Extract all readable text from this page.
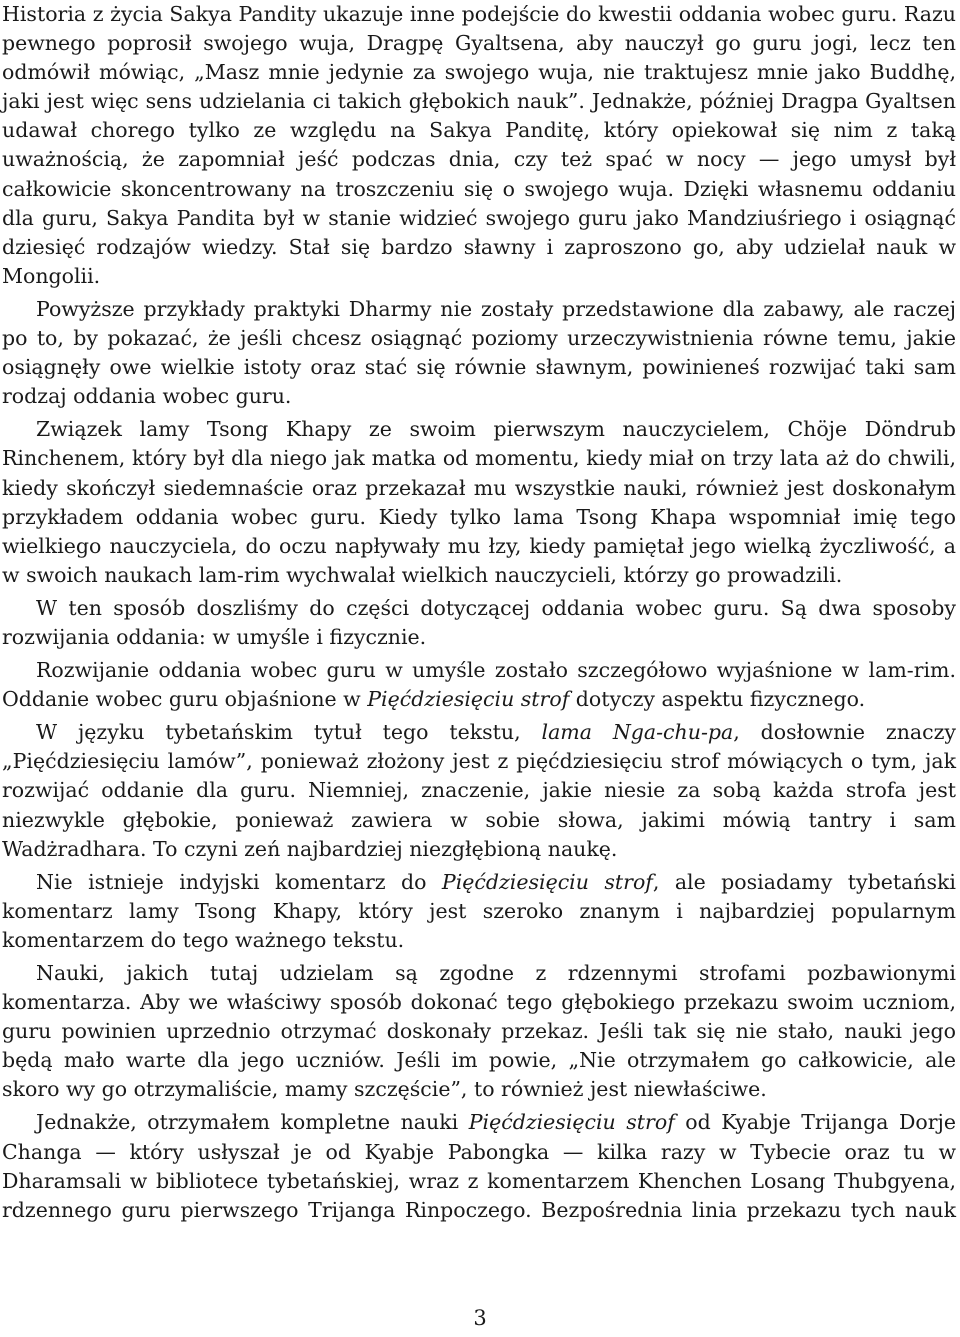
Historia z życia Sakya Pandity ukazuje inne podejście do kwestii oddania wobec guru. Razu pewnego poprosił swojego wuja, Dragpę Gyaltsena, aby nauczył go guru jogi, lecz ten odmówił mówiąc, „Masz mnie jedynie za swojego wuja, nie traktujesz mnie jako Buddhę, jaki jest więc sens udzielania ci takich głębokich nauk”. Jednakże, później Dragpa Gyaltsen udawał chorego tylko ze względu na Sakya Panditę, który opiekował się nim z taką uważnością, że zapomniał jeść podczas dnia, czy też spać w nocy — jego umysł był całkowicie skoncentrowany na troszczeniu się o swojego wuja. Dzięki własnemu oddaniu dla guru, Sakya Pandita był w stanie widzieć swojego guru jako Mandziuśriego i osiągnąć dziesięć rodzajów wiedzy. Stał się bardzo sławny i zaproszono go, aby udzielał nauk w Mongolii.

Powyższe przykłady praktyki Dharmy nie zostały przedstawione dla zabawy, ale raczej po to, by pokazać, że jeśli chcesz osiągnąć poziomy urzeczywistnienia równe temu, jakie osiągnęły owe wielkie istoty oraz stać się równie sławnym, powinieneś rozwijać taki sam rodzaj oddania wobec guru.

Związek lamy Tsong Khapy ze swoim pierwszym nauczycielem, Chöje Döndrub Rinchenem, który był dla niego jak matka od momentu, kiedy miał on trzy lata aż do chwili, kiedy skończył siedemnaście oraz przekazał mu wszystkie nauki, również jest doskonałym przykładem oddania wobec guru. Kiedy tylko lama Tsong Khapa wspomniał imię tego wielkiego nauczyciela, do oczu napływały mu łzy, kiedy pamiętał jego wielką życzliwość, a w swoich naukach lam-rim wychwalał wielkich nauczycieli, którzy go prowadzili.

W ten sposób doszliśmy do części dotyczącej oddania wobec guru. Są dwa sposoby rozwijania oddania: w umyśle i fizycznie.

Rozwijanie oddania wobec guru w umyśle zostało szczegółowo wyjaśnione w lam-rim. Oddanie wobec guru objaśnione w Pięćdziesięciu strof dotyczy aspektu fizycznego.

W języku tybetańskim tytuł tego tekstu, lama Nga-chu-pa, dosłownie znaczy „Pięćdziesięciu lamów”, ponieważ złożony jest z pięćdziesięciu strof mówiących o tym, jak rozwijać oddanie dla guru. Niemniej, znaczenie, jakie niesie za sobą każda strofa jest niezwykle głębokie, ponieważ zawiera w sobie słowa, jakimi mówią tantry i sam Wadżradhara. To czyni zeń najbardziej niezgłębioną naukę.

Nie istnieje indyjski komentarz do Pięćdziesięciu strof, ale posiadamy tybetański komentarz lamy Tsong Khapy, który jest szeroko znanym i najbardziej popularnym komentarzem do tego ważnego tekstu.

Nauki, jakich tutaj udzielam są zgodne z rdzennymi strofami pozbawionymi komentarza. Aby we właściwy sposób dokonać tego głębokiego przekazu swoim uczniom, guru powinien uprzednio otrzymać doskonały przekaz. Jeśli tak się nie stało, nauki jego będą mało warte dla jego uczniów. Jeśli im powie, „Nie otrzymałem go całkowicie, ale skoro wy go otrzymaliście, mamy szczęście”, to również jest niewłaściwe.

Jednakże, otrzymałem kompletne nauki Pięćdziesięciu strof od Kyabje Trijanga Dorje Changa — który usłyszał je od Kyabje Pabongka — kilka razy w Tybecie oraz tu w Dharamsali w bibliotece tybetańskiej, wraz z komentarzem Khenchen Losang Thubgyena, rdzennego guru pierwszego Trijanga Rinpoczego. Bezpośrednia linia przekazu tych nauk

3
